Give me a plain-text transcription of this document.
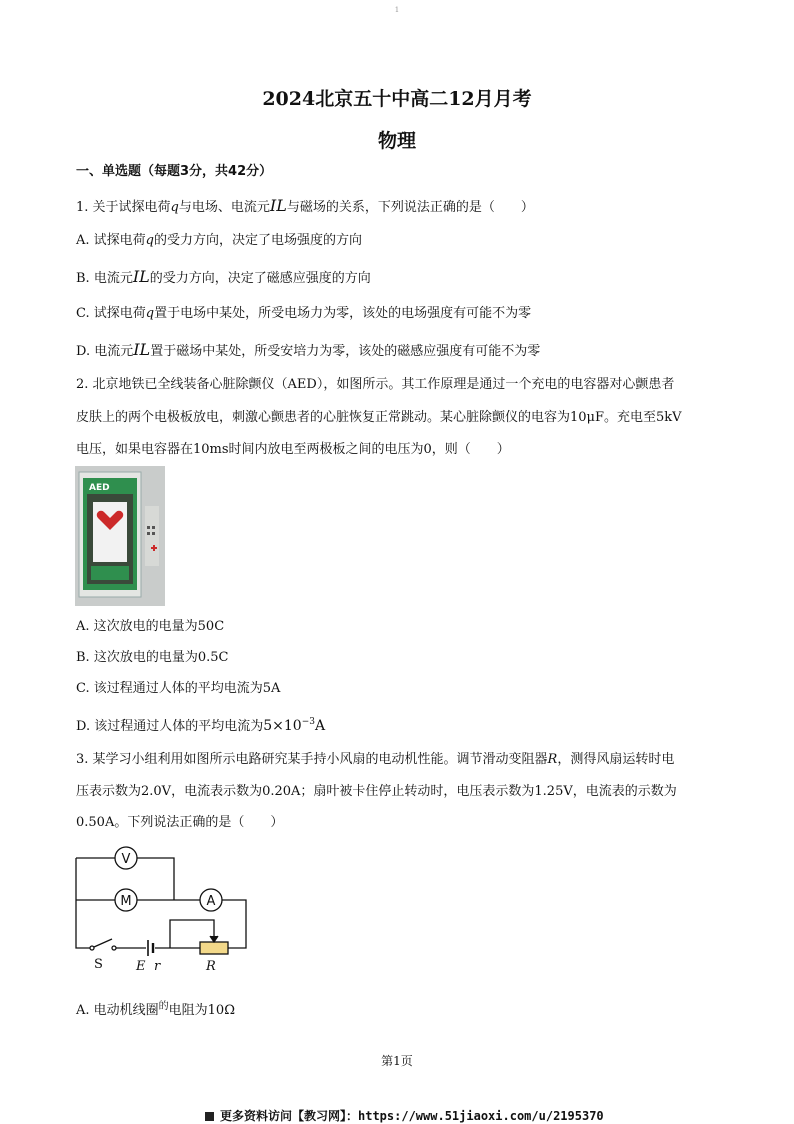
1
2024北京五十中高二12月月考
物理
一、单选题（每题3分，共42分）
1. 关于试探电荷q与电场、电流元IL与磁场的关系，下列说法正确的是（　　）
A. 试探电荷q的受力方向，决定了电场强度的方向
B. 电流元IL的受力方向，决定了磁感应强度的方向
C. 试探电荷q置于电场中某处，所受电场力为零，该处的电场强度有可能不为零
D. 电流元IL置于磁场中某处，所受安培力为零，该处的磁感应强度有可能不为零
2. 北京地铁已全线装备心脏除颤仪（AED），如图所示。其工作原理是通过一个充电的电容器对心颤患者
皮肤上的两个电极板放电，刺激心颤患者的心脏恢复正常跳动。某心脏除颤仪的电容为10μF。充电至5kV
电压，如果电容器在10ms时间内放电至两极板之间的电压为0，则（　　）
AED
A. 这次放电的电量为50C
B. 这次放电的电量为0.5C
C. 该过程通过人体的平均电流为5A
D. 该过程通过人体的平均电流为$5\times 10^{-3}A$
3. 某学习小组利用如图所示电路研究某手持小风扇的电动机性能。调节滑动变阻器R，测得风扇运转时电
压表示数为2.0V，电流表示数为0.20A；扇叶被卡住停止转动时，电压表示数为1.25V，电流表的示数为
0.50A。下列说法正确的是（　　）
V
M	A
S	E r	R
A. 电动机线圈$^的$电阻为10Ω
第1页
更多资料访问【教习网】：https://www.51jiaoxi.com/u/2195370
